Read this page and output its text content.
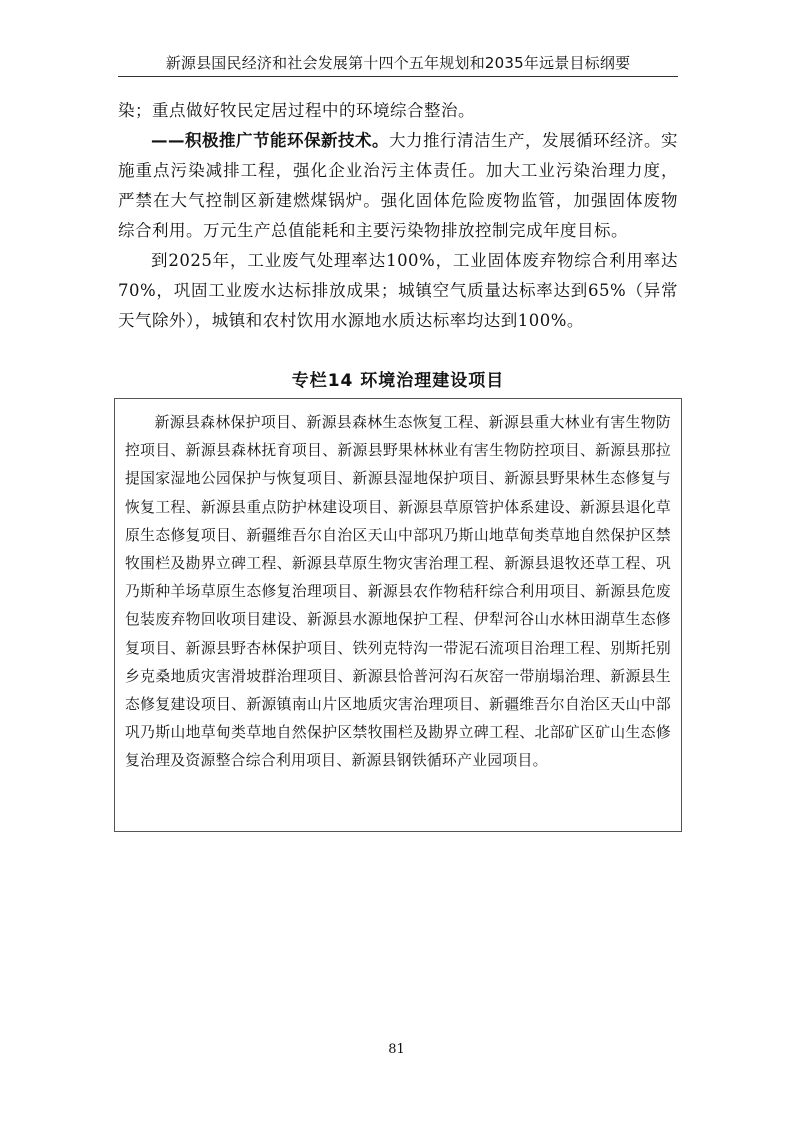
新源县国民经济和社会发展第十四个五年规划和2035年远景目标纲要

染；重点做好牧民定居过程中的环境综合整治。

——积极推广节能环保新技术。大力推行清洁生产，发展循环经济。实施重点污染减排工程，强化企业治污主体责任。加大工业污染治理力度，严禁在大气控制区新建燃煤锅炉。强化固体危险废物监管，加强固体废物综合利用。万元生产总值能耗和主要污染物排放控制完成年度目标。

到2025年，工业废气处理率达100%，工业固体废弃物综合利用率达70%，巩固工业废水达标排放成果；城镇空气质量达标率达到65%（异常天气除外），城镇和农村饮用水源地水质达标率均达到100%。

专栏14 环境治理建设项目

新源县森林保护项目、新源县森林生态恢复工程、新源县重大林业有害生物防控项目、新源县森林抚育项目、新源县野果林林业有害生物防控项目、新源县那拉提国家湿地公园保护与恢复项目、新源县湿地保护项目、新源县野果林生态修复与恢复工程、新源县重点防护林建设项目、新源县草原管护体系建设、新源县退化草原生态修复项目、新疆维吾尔自治区天山中部巩乃斯山地草甸类草地自然保护区禁牧围栏及勘界立碑工程、新源县草原生物灾害治理工程、新源县退牧还草工程、巩乃斯种羊场草原生态修复治理项目、新源县农作物秸秆综合利用项目、新源县危废包装废弃物回收项目建设、新源县水源地保护工程、伊犁河谷山水林田湖草生态修复项目、新源县野杏林保护项目、铁列克特沟一带泥石流项目治理工程、别斯托别乡克桑地质灾害滑坡群治理项目、新源县恰普河沟石灰窑一带崩塌治理、新源县生态修复建设项目、新源镇南山片区地质灾害治理项目、新疆维吾尔自治区天山中部巩乃斯山地草甸类草地自然保护区禁牧围栏及勘界立碑工程、北部矿区矿山生态修复治理及资源整合综合利用项目、新源县钢铁循环产业园项目。

81
